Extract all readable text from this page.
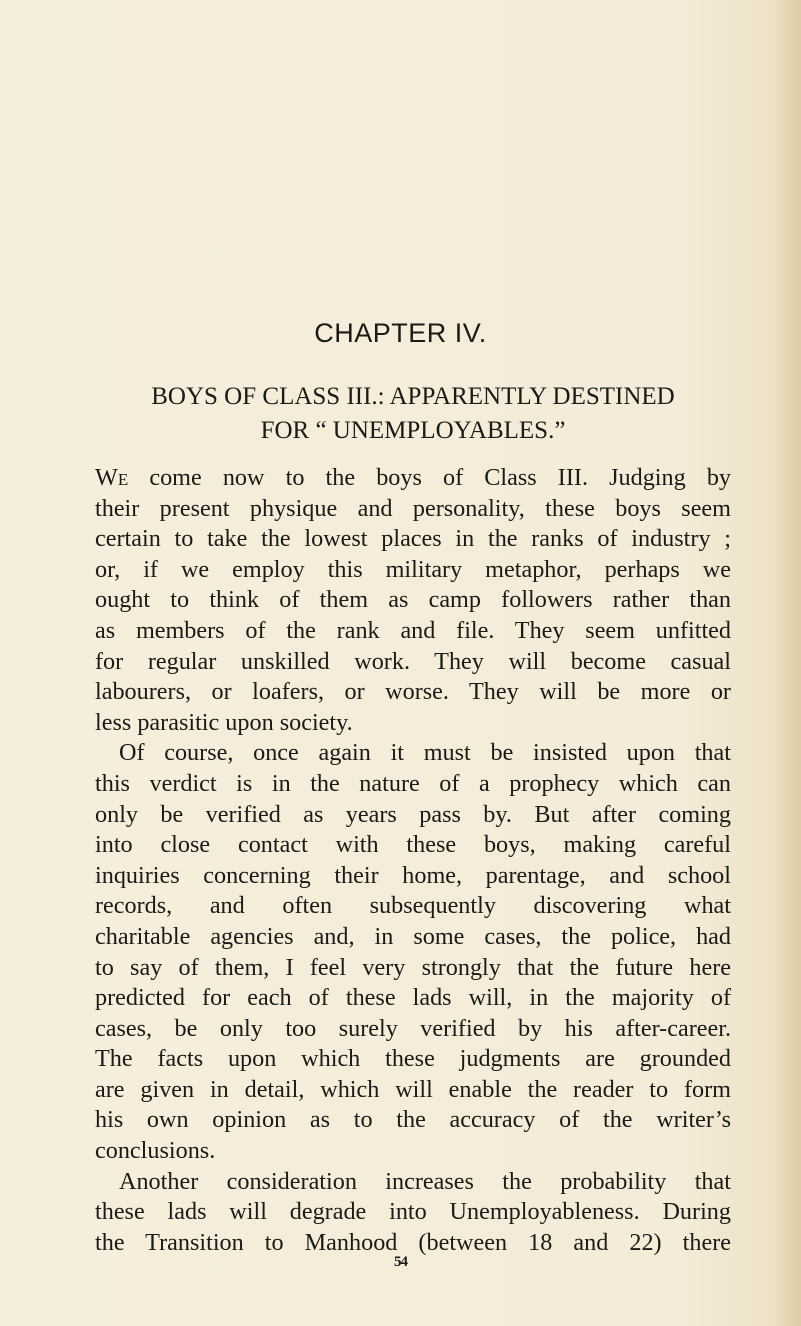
CHAPTER IV.
BOYS OF CLASS III.: APPARENTLY DESTINED
FOR “ UNEMPLOYABLES.”
We come now to the boys of Class III. Judging by
their present physique and personality, these boys seem
certain to take the lowest places in the ranks of industry ;
or, if we employ this military metaphor, perhaps we
ought to think of them as camp followers rather than
as members of the rank and file. They seem unfitted
for regular unskilled work. They will become casual
labourers, or loafers, or worse. They will be more or
less parasitic upon society.
Of course, once again it must be insisted upon that
this verdict is in the nature of a prophecy which can
only be verified as years pass by. But after coming
into close contact with these boys, making careful
inquiries concerning their home, parentage, and school
records, and often subsequently discovering what
charitable agencies and, in some cases, the police, had
to say of them, I feel very strongly that the future here
predicted for each of these lads will, in the majority of
cases, be only too surely verified by his after-career.
The facts upon which these judgments are grounded
are given in detail, which will enable the reader to form
his own opinion as to the accuracy of the writer’s
conclusions.
Another consideration increases the probability that
these lads will degrade into Unemployableness. During
the Transition to Manhood (between 18 and 22) there
54
